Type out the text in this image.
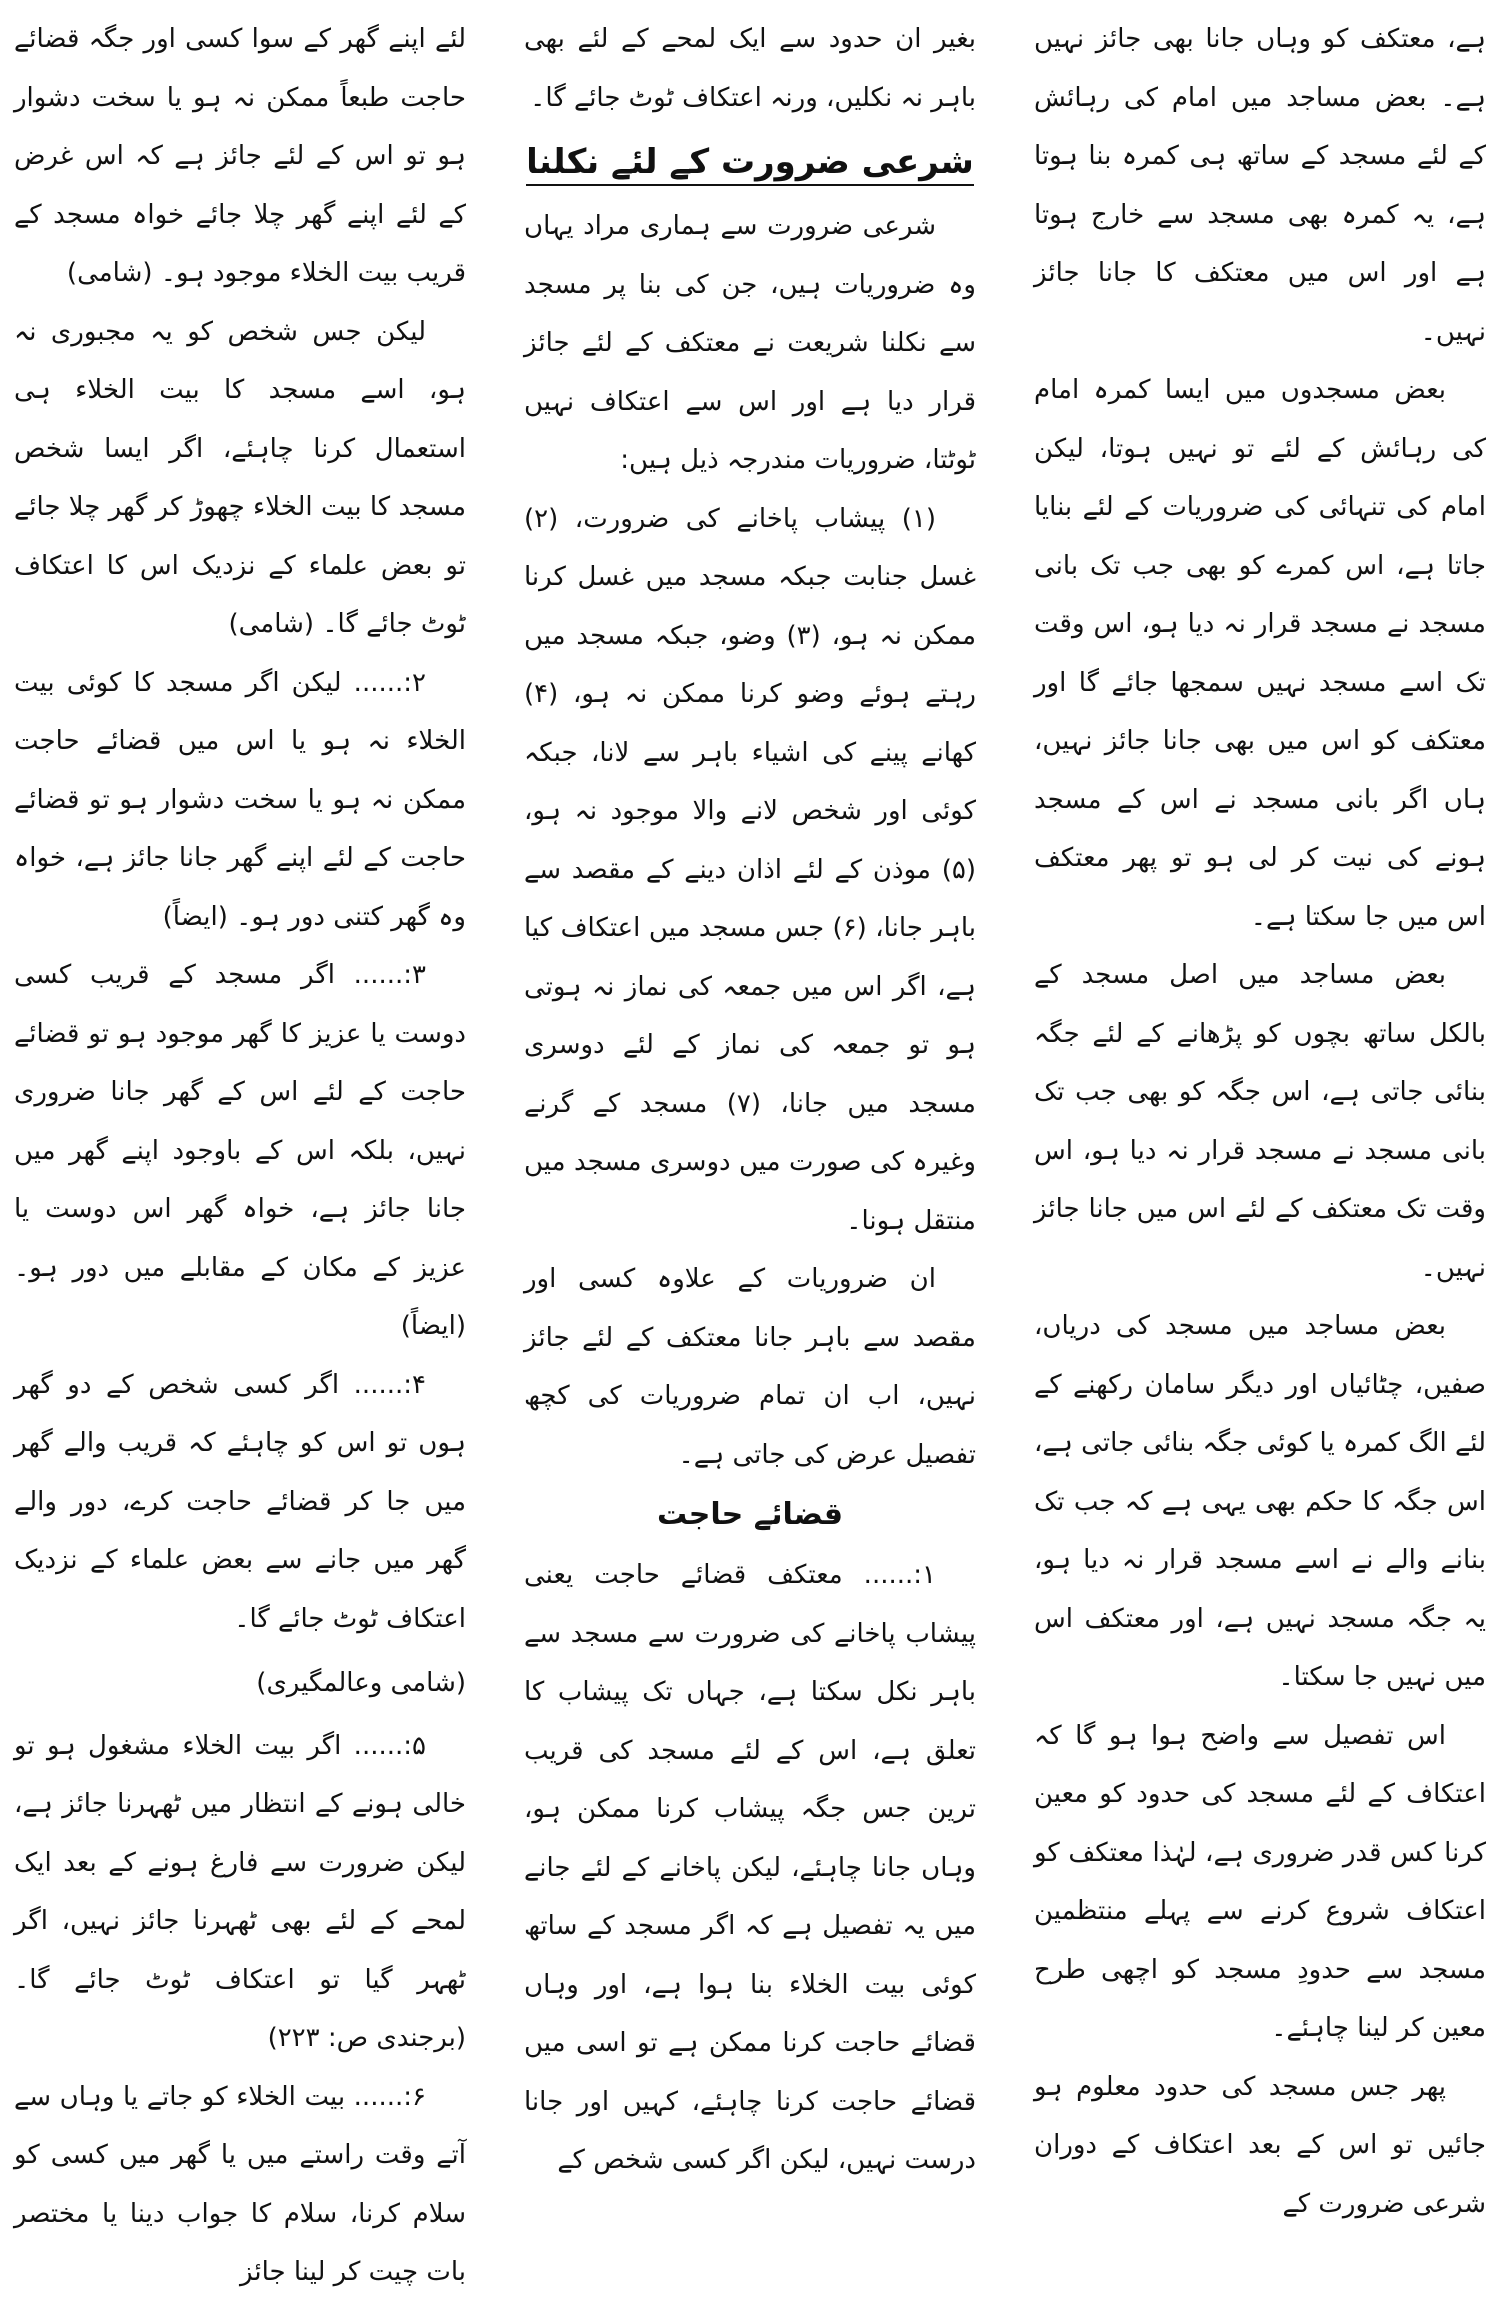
ہے، معتکف کو وہاں جانا بھی جائز نہیں ہے۔ بعض مساجد میں امام کی رہائش کے لئے مسجد کے ساتھ ہی کمرہ بنا ہوتا ہے، یہ کمرہ بھی مسجد سے خارج ہوتا ہے اور اس میں معتکف کا جانا جائز نہیں۔

بعض مسجدوں میں ایسا کمرہ امام کی رہائش کے لئے تو نہیں ہوتا، لیکن امام کی تنہائی کی ضروریات کے لئے بنایا جاتا ہے، اس کمرے کو بھی جب تک بانی مسجد نے مسجد قرار نہ دیا ہو، اس وقت تک اسے مسجد نہیں سمجھا جائے گا اور معتکف کو اس میں بھی جانا جائز نہیں، ہاں اگر بانی مسجد نے اس کے مسجد ہونے کی نیت کر لی ہو تو پھر معتکف اس میں جا سکتا ہے۔

بعض مساجد میں اصل مسجد کے بالکل ساتھ بچوں کو پڑھانے کے لئے جگہ بنائی جاتی ہے، اس جگہ کو بھی جب تک بانی مسجد نے مسجد قرار نہ دیا ہو، اس وقت تک معتکف کے لئے اس میں جانا جائز نہیں۔

بعض مساجد میں مسجد کی دریاں، صفیں، چٹائیاں اور دیگر سامان رکھنے کے لئے الگ کمرہ یا کوئی جگہ بنائی جاتی ہے، اس جگہ کا حکم بھی یہی ہے کہ جب تک بنانے والے نے اسے مسجد قرار نہ دیا ہو، یہ جگہ مسجد نہیں ہے، اور معتکف اس میں نہیں جا سکتا۔

اس تفصیل سے واضح ہوا ہو گا کہ اعتکاف کے لئے مسجد کی حدود کو معین کرنا کس قدر ضروری ہے، لہٰذا معتکف کو اعتکاف شروع کرنے سے پہلے منتظمین مسجد سے حدودِ مسجد کو اچھی طرح معین کر لینا چاہئے۔

پھر جس مسجد کی حدود معلوم ہو جائیں تو اس کے بعد اعتکاف کے دوران شرعی ضرورت کے

بغیر ان حدود سے ایک لمحے کے لئے بھی باہر نہ نکلیں، ورنہ اعتکاف ٹوٹ جائے گا۔

شرعی ضرورت کے لئے نکلنا

شرعی ضرورت سے ہماری مراد یہاں وہ ضروریات ہیں، جن کی بنا پر مسجد سے نکلنا شریعت نے معتکف کے لئے جائز قرار دیا ہے اور اس سے اعتکاف نہیں ٹوٹتا، ضروریات مندرجہ ذیل ہیں:

(۱) پیشاب پاخانے کی ضرورت، (۲) غسل جنابت جبکہ مسجد میں غسل کرنا ممکن نہ ہو، (۳) وضو، جبکہ مسجد میں رہتے ہوئے وضو کرنا ممکن نہ ہو، (۴) کھانے پینے کی اشیاء باہر سے لانا، جبکہ کوئی اور شخص لانے والا موجود نہ ہو، (۵) موذن کے لئے اذان دینے کے مقصد سے باہر جانا، (۶) جس مسجد میں اعتکاف کیا ہے، اگر اس میں جمعہ کی نماز نہ ہوتی ہو تو جمعہ کی نماز کے لئے دوسری مسجد میں جانا، (۷) مسجد کے گرنے وغیرہ کی صورت میں دوسری مسجد میں منتقل ہونا۔

ان ضروریات کے علاوہ کسی اور مقصد سے باہر جانا معتکف کے لئے جائز نہیں، اب ان تمام ضروریات کی کچھ تفصیل عرض کی جاتی ہے۔

قضائے حاجت

۱:...... معتکف قضائے حاجت یعنی پیشاب پاخانے کی ضرورت سے مسجد سے باہر نکل سکتا ہے، جہاں تک پیشاب کا تعلق ہے، اس کے لئے مسجد کی قریب ترین جس جگہ پیشاب کرنا ممکن ہو، وہاں جانا چاہئے، لیکن پاخانے کے لئے جانے میں یہ تفصیل ہے کہ اگر مسجد کے ساتھ کوئی بیت الخلاء بنا ہوا ہے، اور وہاں قضائے حاجت کرنا ممکن ہے تو اسی میں قضائے حاجت کرنا چاہئے، کہیں اور جانا درست نہیں، لیکن اگر کسی شخص کے

لئے اپنے گھر کے سوا کسی اور جگہ قضائے حاجت طبعاً ممکن نہ ہو یا سخت دشوار ہو تو اس کے لئے جائز ہے کہ اس غرض کے لئے اپنے گھر چلا جائے خواہ مسجد کے قریب بیت الخلاء موجود ہو۔ (شامی)

لیکن جس شخص کو یہ مجبوری نہ ہو، اسے مسجد کا بیت الخلاء ہی استعمال کرنا چاہئے، اگر ایسا شخص مسجد کا بیت الخلاء چھوڑ کر گھر چلا جائے تو بعض علماء کے نزدیک اس کا اعتکاف ٹوٹ جائے گا۔ (شامی)

۲:...... لیکن اگر مسجد کا کوئی بیت الخلاء نہ ہو یا اس میں قضائے حاجت ممکن نہ ہو یا سخت دشوار ہو تو قضائے حاجت کے لئے اپنے گھر جانا جائز ہے، خواہ وہ گھر کتنی دور ہو۔ (ایضاً)

۳:...... اگر مسجد کے قریب کسی دوست یا عزیز کا گھر موجود ہو تو قضائے حاجت کے لئے اس کے گھر جانا ضروری نہیں، بلکہ اس کے باوجود اپنے گھر میں جانا جائز ہے، خواہ گھر اس دوست یا عزیز کے مکان کے مقابلے میں دور ہو۔ (ایضاً)

۴:...... اگر کسی شخص کے دو گھر ہوں تو اس کو چاہئے کہ قریب والے گھر میں جا کر قضائے حاجت کرے، دور والے گھر میں جانے سے بعض علماء کے نزدیک اعتکاف ٹوٹ جائے گا۔

(شامی وعالمگیری)

۵:...... اگر بیت الخلاء مشغول ہو تو خالی ہونے کے انتظار میں ٹھہرنا جائز ہے، لیکن ضرورت سے فارغ ہونے کے بعد ایک لمحے کے لئے بھی ٹھہرنا جائز نہیں، اگر ٹھہر گیا تو اعتکاف ٹوٹ جائے گا۔ (برجندی ص: ۲۲۳)

۶:...... بیت الخلاء کو جاتے یا وہاں سے آتے وقت راستے میں یا گھر میں کسی کو سلام کرنا، سلام کا جواب دینا یا مختصر بات چیت کر لینا جائز
